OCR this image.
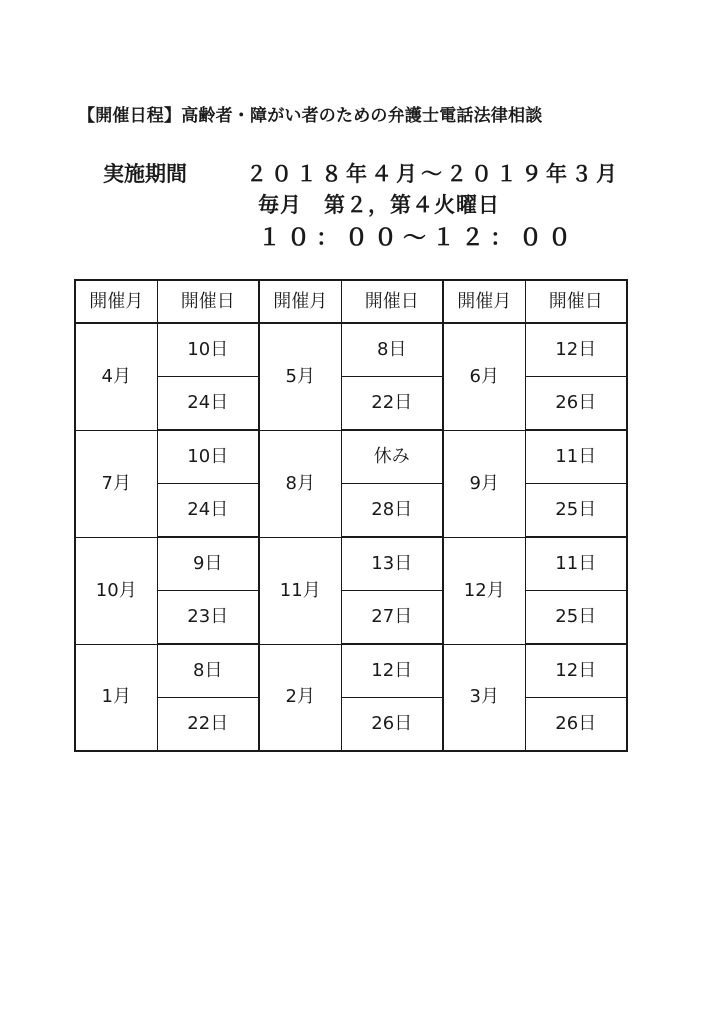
【開催日程】高齢者・障がい者のための弁護士電話法律相談
実施期間	２０１８年４月～２０１９年３月
毎月　第２，第４火曜日
１０：００～１２：００
開催月	開催日	開催月	開催日	開催月	開催日
4月	10日	5月	8日	6月	12日
	24日		22日		26日
7月	10日	8月	休み	9月	11日
	24日		28日		25日
10月	9日	11月	13日	12月	11日
	23日		27日		25日
1月	8日	2月	12日	3月	12日
	22日		26日		26日
